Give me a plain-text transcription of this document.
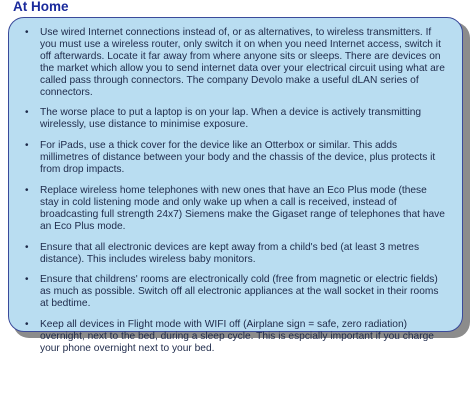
At Home
• Use wired Internet connections instead of, or as alternatives, to wireless transmitters. If you must use a wireless router, only switch it on when you need Internet access, switch it off afterwards. Locate it far away from where anyone sits or sleeps. There are devices on the market which allow you to send internet data over your electrical circuit using what are called pass through connectors. The company Devolo make a useful dLAN series of connectors.
• The worse place to put a laptop is on your lap. When a device is actively transmitting wirelessly, use distance to minimise exposure.
• For iPads, use a thick cover for the device like an Otterbox or similar. This adds millimetres of distance between your body and the chassis of the device, plus protects it from drop impacts.
• Replace wireless home telephones with new ones that have an Eco Plus mode (these stay in cold listening mode and only wake up when a call is received, instead of broadcasting full strength 24x7) Siemens make the Gigaset range of telephones that have an Eco Plus mode.
• Ensure that all electronic devices are kept away from a child's bed (at least 3 metres distance). This includes wireless baby monitors.
• Ensure that childrens' rooms are electronically cold (free from magnetic or electric fields) as much as possible. Switch off all electronic appliances at the wall socket in their rooms at bedtime.
• Keep all devices in Flight mode with WIFI off (Airplane sign = safe, zero radiation) overnight, next to the bed, during a sleep cycle. This is espcially important if you charge your phone overnight next to your bed.
